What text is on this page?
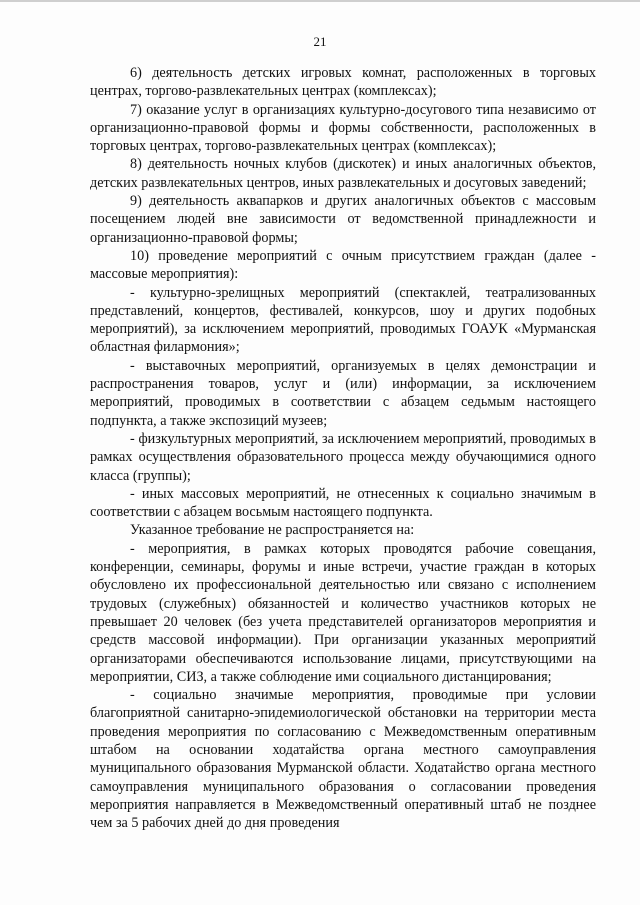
21

6) деятельность детских игровых комнат, расположенных в торговых центрах, торгово-развлекательных центрах (комплексах);

7) оказание услуг в организациях культурно-досугового типа независимо от организационно-правовой формы и формы собственности, расположенных в торговых центрах, торгово-развлекательных центрах (комплексах);

8) деятельность ночных клубов (дискотек) и иных аналогичных объектов, детских развлекательных центров, иных развлекательных и досуговых заведений;

9) деятельность аквапарков и других аналогичных объектов с массовым посещением людей вне зависимости от ведомственной принадлежности и организационно-правовой формы;

10) проведение мероприятий с очным присутствием граждан (далее - массовые мероприятия):

- культурно-зрелищных мероприятий (спектаклей, театрализованных представлений, концертов, фестивалей, конкурсов, шоу и других подобных мероприятий), за исключением мероприятий, проводимых ГОАУК «Мурманская областная филармония»;

- выставочных мероприятий, организуемых в целях демонстрации и распространения товаров, услуг и (или) информации, за исключением мероприятий, проводимых в соответствии с абзацем седьмым настоящего подпункта, а также экспозиций музеев;

- физкультурных мероприятий, за исключением мероприятий, проводимых в рамках осуществления образовательного процесса между обучающимися одного класса (группы);

- иных массовых мероприятий, не отнесенных к социально значимым в соответствии с абзацем восьмым настоящего подпункта.

Указанное требование не распространяется на:

- мероприятия, в рамках которых проводятся рабочие совещания, конференции, семинары, форумы и иные встречи, участие граждан в которых обусловлено их профессиональной деятельностью или связано с исполнением трудовых (служебных) обязанностей и количество участников которых не превышает 20 человек (без учета представителей организаторов мероприятия и средств массовой информации). При организации указанных мероприятий организаторами обеспечиваются использование лицами, присутствующими на мероприятии, СИЗ, а также соблюдение ими социального дистанцирования;

- социально значимые мероприятия, проводимые при условии благоприятной санитарно-эпидемиологической обстановки на территории места проведения мероприятия по согласованию с Межведомственным оперативным штабом на основании ходатайства органа местного самоуправления муниципального образования Мурманской области. Ходатайство органа местного самоуправления муниципального образования о согласовании проведения мероприятия направляется в Межведомственный оперативный штаб не позднее чем за 5 рабочих дней до дня проведения
